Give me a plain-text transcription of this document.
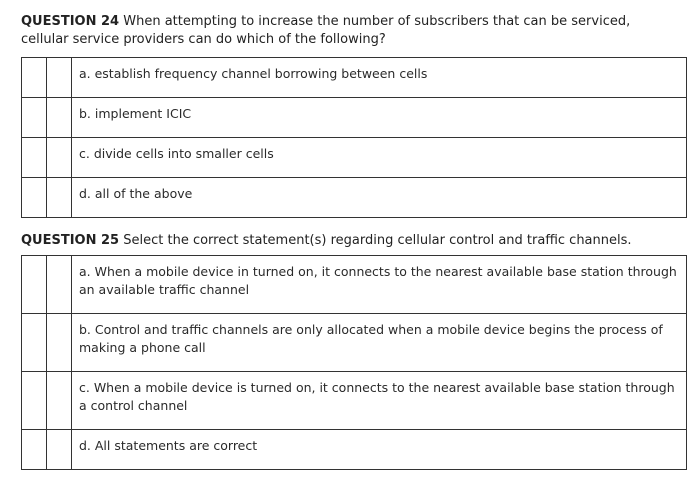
QUESTION 24 When attempting to increase the number of subscribers that can be serviced, cellular service providers can do which of the following?

		a. establish frequency channel borrowing between cells
		b. implement ICIC
		c. divide cells into smaller cells
		d. all of the above

QUESTION 25 Select the correct statement(s) regarding cellular control and traffic channels.

		a. When a mobile device in turned on, it connects to the nearest available base station through an available traffic channel
		b. Control and traffic channels are only allocated when a mobile device begins the process of making a phone call
		c. When a mobile device is turned on, it connects to the nearest available base station through a control channel
		d. All statements are correct
